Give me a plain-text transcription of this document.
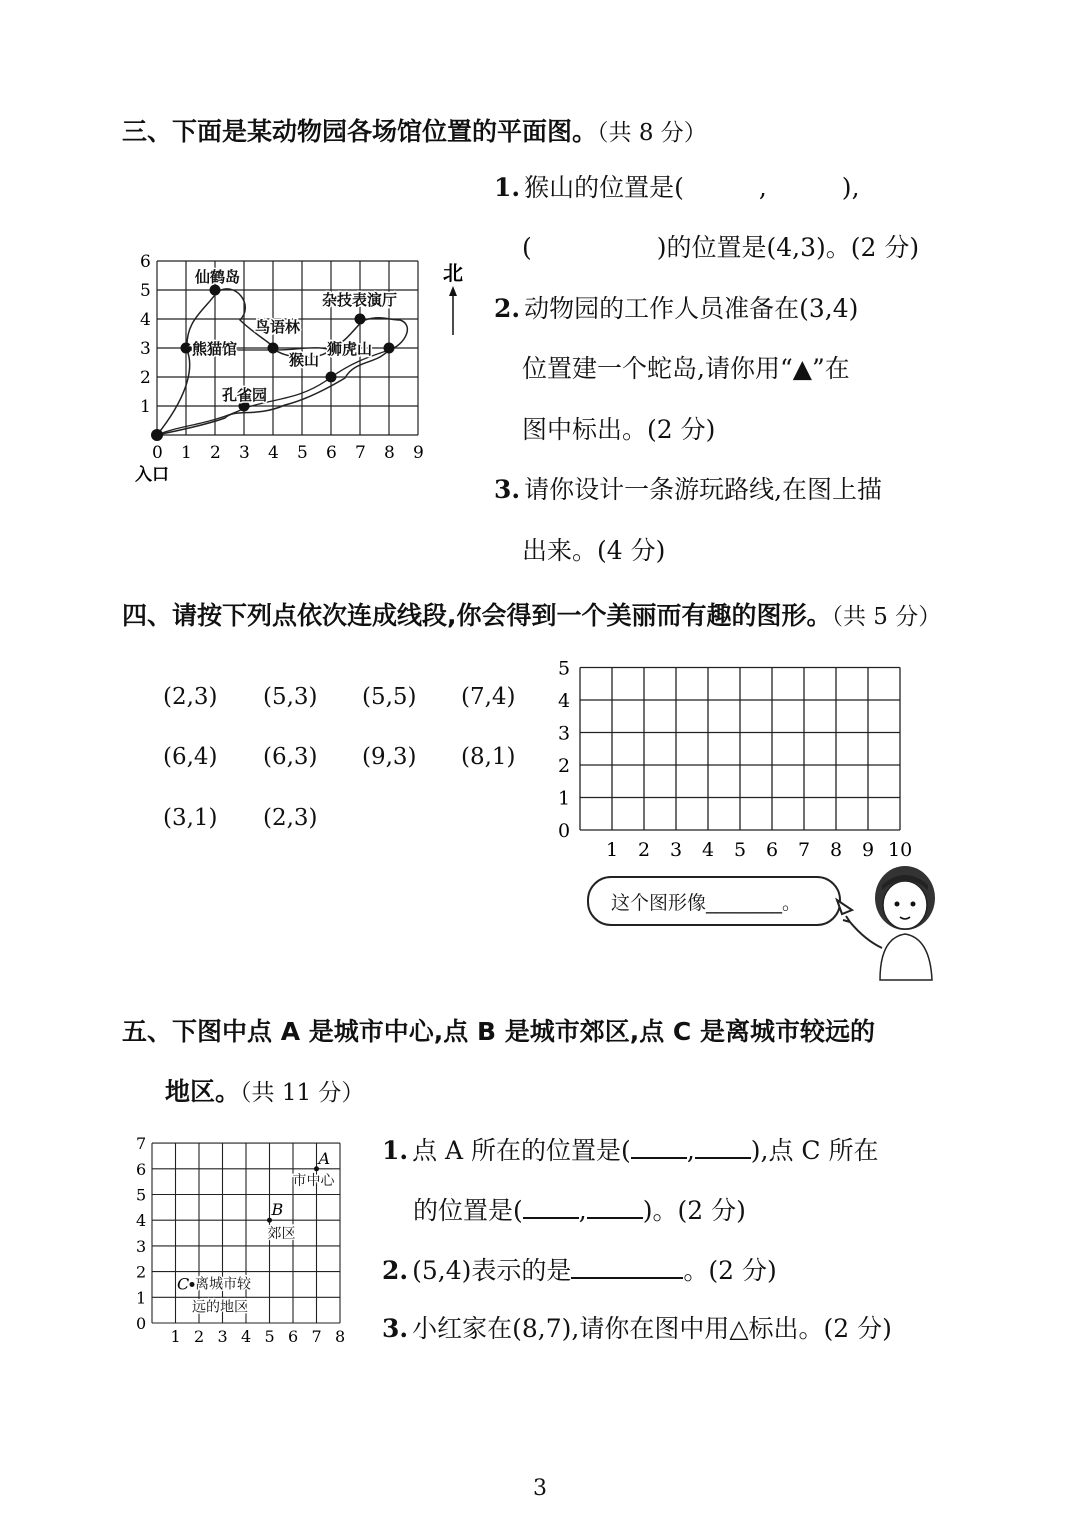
三、下面是某动物园各场馆位置的平面图。（共 8 分）
0 1 2 3 4 5 6 7 8 9
1
2
3
4
5
6
仙鹤岛
熊猫馆
鸟语林
杂技表演厅
狮虎山
猴山
孔雀园
北
入口
1. 猴山的位置是(　　　,　　　),
(　　　　　)的位置是(4,3)。(2 分)
2. 动物园的工作人员准备在(3,4)
位置建一个蛇岛,请你用“▲”在
图中标出。(2 分)
3. 请你设计一条游玩路线,在图上描
出来。(4 分)
四、请按下列点依次连成线段,你会得到一个美丽而有趣的图形。（共 5 分）
(2,3) (5,3) (5,5) (7,4)
(6,4) (6,3) (9,3) (8,1)
(3,1) (2,3)
1 2 3 4 5 6 7 8 9 10
0
1
2
3
4
5
这个图形像________。
五、下图中点 A 是城市中心,点 B 是城市郊区,点 C 是离城市较远的
地区。（共 11 分）
1 2 3 4 5 6 7 8
0
1
2
3
4
5
6
7
A
市中心
B
郊区
C 离城市较
远的地区
1. 点 A 所在的位置是( , ),点 C 所在
的位置是( , )。(2 分)
2. (5,4)表示的是	。(2 分)
3. 小红家在(8,7),请你在图中用△标出。(2 分)
3
